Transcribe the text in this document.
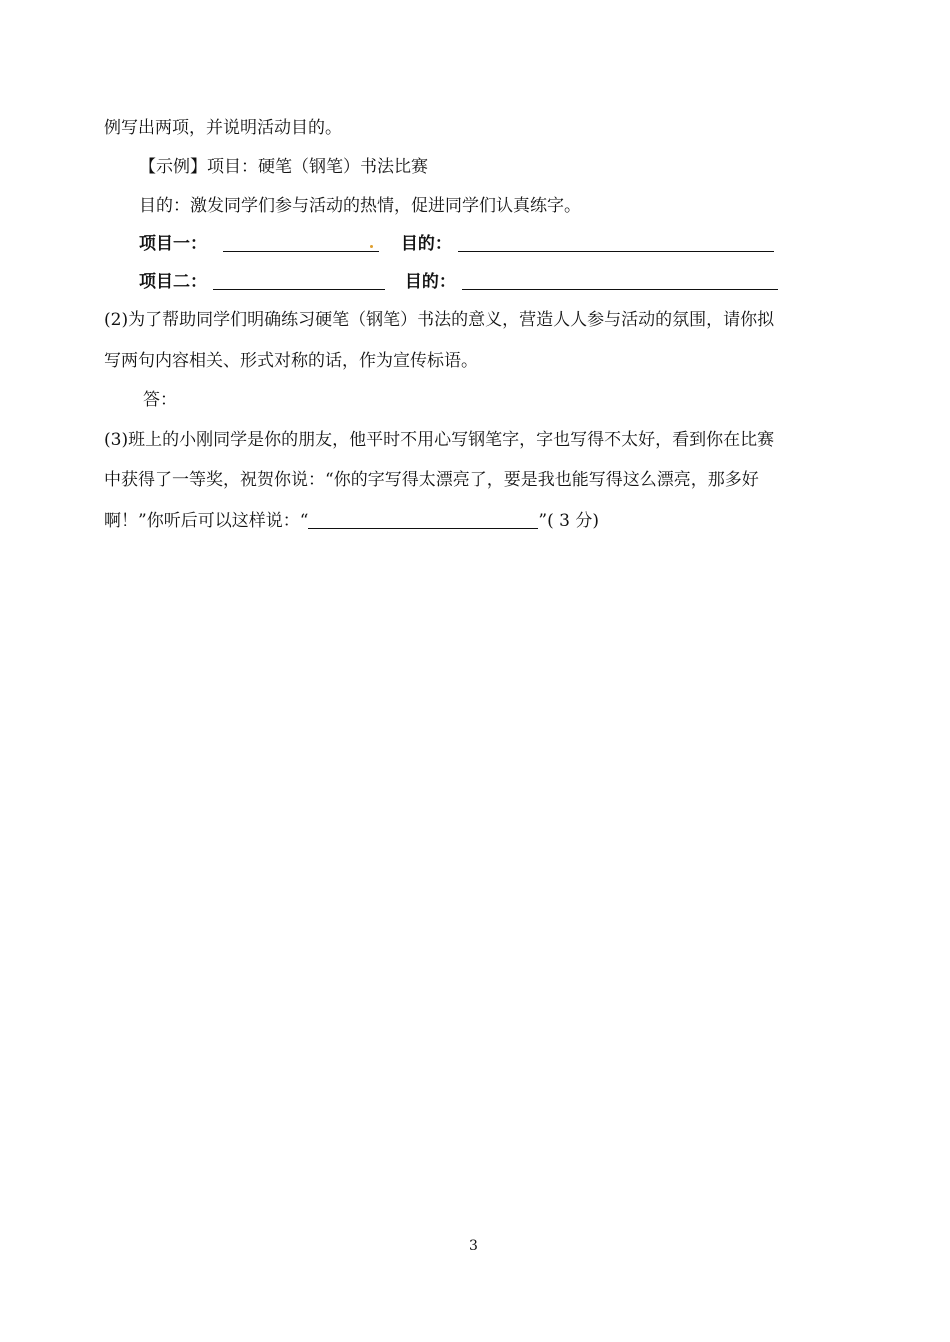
例写出两项，并说明活动目的。
【示例】项目：硬笔（钢笔）书法比赛
目的：激发同学们参与活动的热情，促进同学们认真练字。
项目一：	目的：
项目二：	目的：
(2)为了帮助同学们明确练习硬笔（钢笔）书法的意义，营造人人参与活动的氛围，请你拟
写两句内容相关、形式对称的话，作为宣传标语。
答：
(3)班上的小刚同学是你的朋友，他平时不用心写钢笔字，字也写得不太好，看到你在比赛
中获得了一等奖，祝贺你说：“你的字写得太漂亮了，要是我也能写得这么漂亮，那多好
啊！”你听后可以这样说：“	”( 3 分)
3
